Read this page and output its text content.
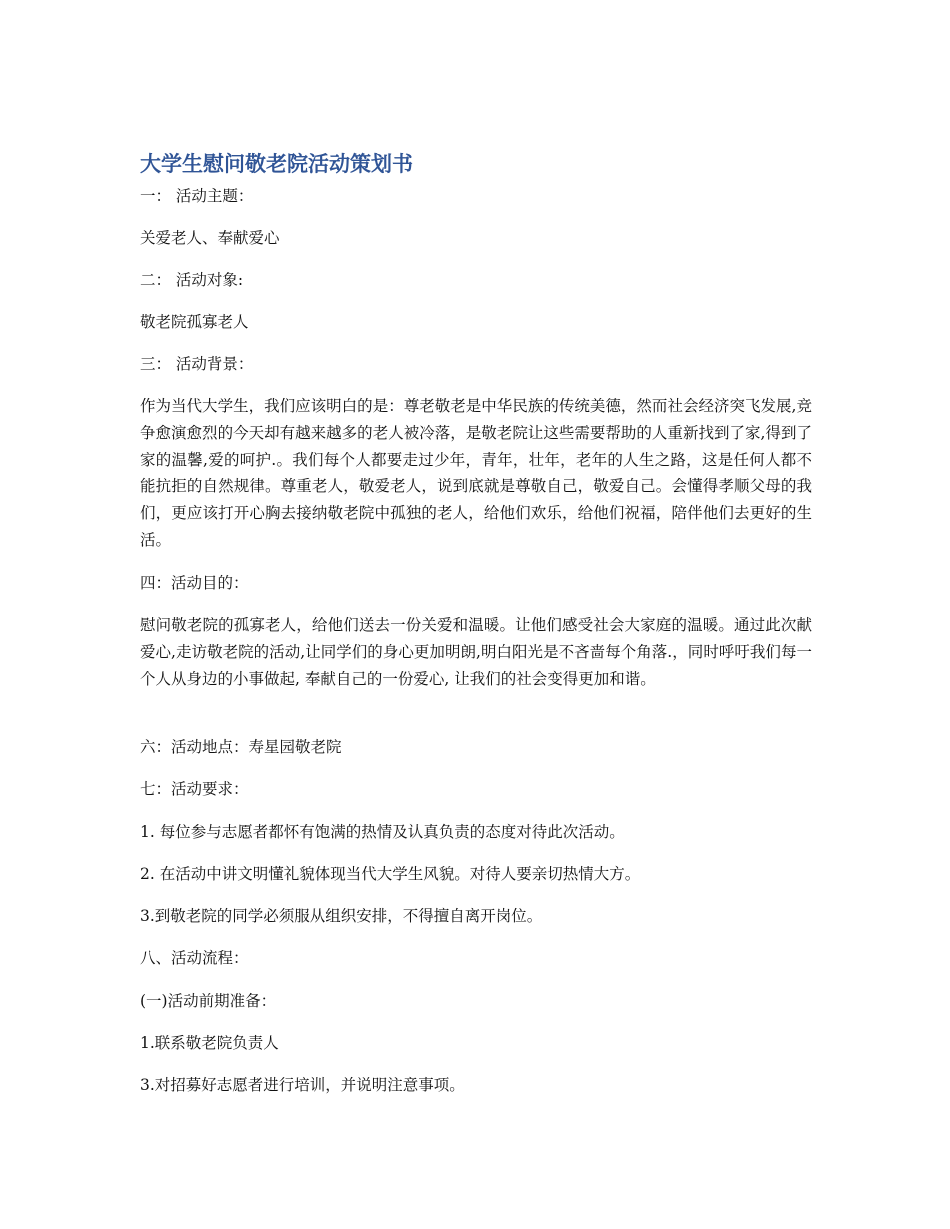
大学生慰问敬老院活动策划书

一： 活动主题：

关爱老人、奉献爱心

二： 活动对象:

敬老院孤寡老人

三： 活动背景：

作为当代大学生，我们应该明白的是：尊老敬老是中华民族的传统美德，然而社会经济突飞发展,竞争愈演愈烈的今天却有越来越多的老人被冷落，是敬老院让这些需要帮助的人重新找到了家,得到了家的温馨,爱的呵护.。我们每个人都要走过少年，青年，壮年，老年的人生之路，这是任何人都不能抗拒的自然规律。尊重老人，敬爱老人，说到底就是尊敬自己，敬爱自己。会懂得孝顺父母的我们，更应该打开心胸去接纳敬老院中孤独的老人，给他们欢乐，给他们祝福，陪伴他们去更好的生活。

四：活动目的：

慰问敬老院的孤寡老人，给他们送去一份关爱和温暖。让他们感受社会大家庭的温暖。通过此次献爱心,走访敬老院的活动,让同学们的身心更加明朗,明白阳光是不吝啬每个角落.，同时呼吁我们每一个人从身边的小事做起, 奉献自己的一份爱心, 让我们的社会变得更加和谐。

六：活动地点：寿星园敬老院

七：活动要求：

1. 每位参与志愿者都怀有饱满的热情及认真负责的态度对待此次活动。

2. 在活动中讲文明懂礼貌体现当代大学生风貌。对待人要亲切热情大方。

3.到敬老院的同学必须服从组织安排，不得擅自离开岗位。

八、活动流程：

(一)活动前期准备：

1.联系敬老院负责人

3.对招募好志愿者进行培训，并说明注意事项。
